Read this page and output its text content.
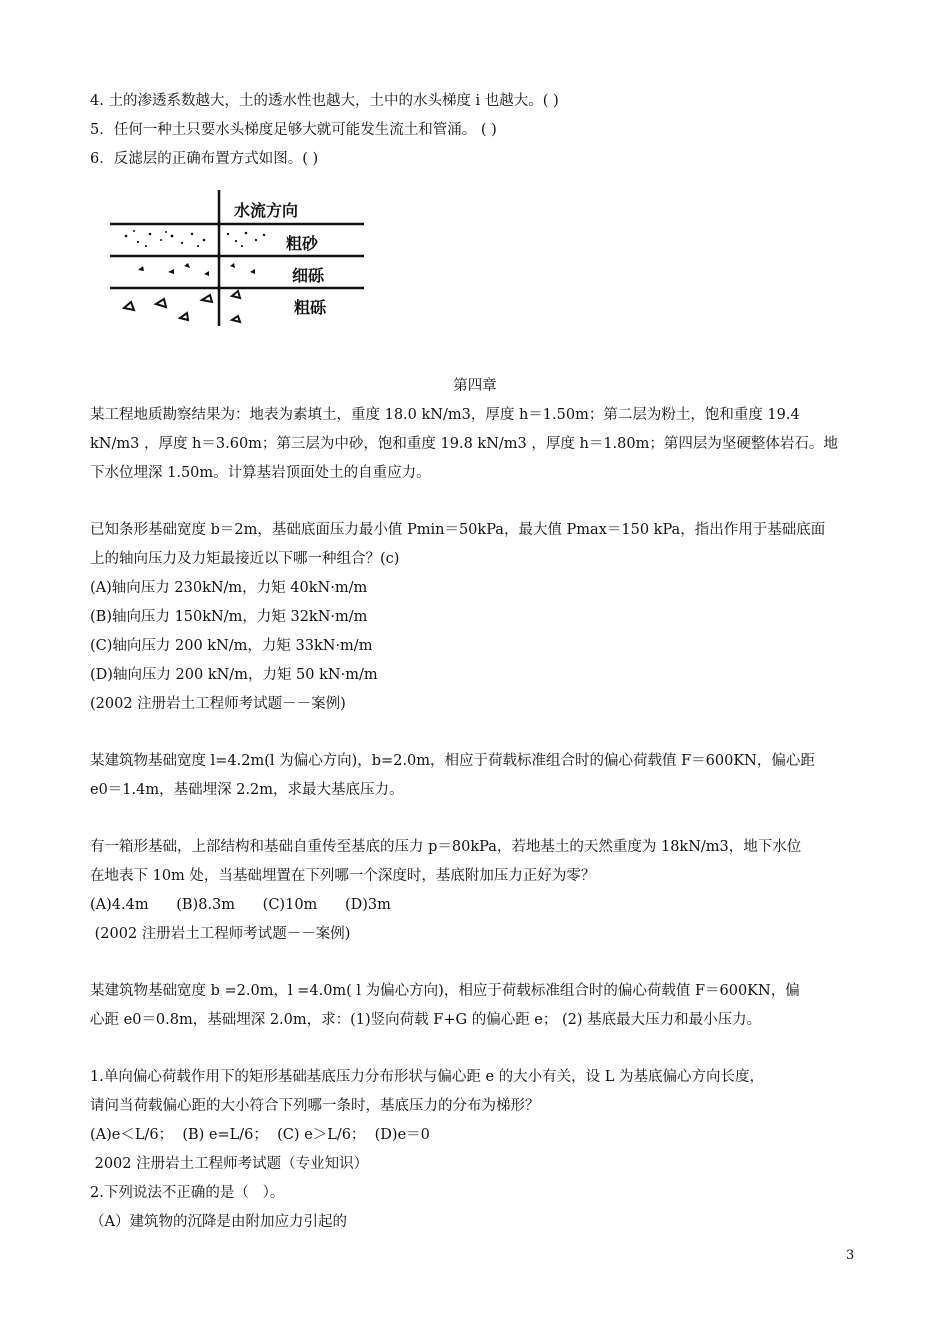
4. 土的渗透系数越大，土的透水性也越大，土中的水头梯度 i 也越大。( )
5．任何一种土只要水头梯度足够大就可能发生流土和管涌。 ( )
6．反滤层的正确布置方式如图。( )
水流方向
粗砂
细砾
粗砾
第四章
某工程地质勘察结果为：地表为素填土，重度 18.0 kN/m3，厚度 h＝1.50m；第二层为粉土，饱和重度 19.4
kN/m3 ，厚度 h＝3.60m；第三层为中砂，饱和重度 19.8 kN/m3 ，厚度 h＝1.80m；第四层为坚硬整体岩石。地
下水位埋深 1.50m。计算基岩顶面处土的自重应力。
已知条形基础宽度 b＝2m，基础底面压力最小值 Pmin＝50kPa，最大值 Pmax＝150 kPa，指出作用于基础底面
上的轴向压力及力矩最接近以下哪一种组合？(c)
(A)轴向压力 230kN/m，力矩 40kN·m/m
(B)轴向压力 150kN/m，力矩 32kN·m/m
(C)轴向压力 200 kN/m，力矩 33kN·m/m
(D)轴向压力 200 kN/m，力矩 50 kN·m/m
(2002 注册岩土工程师考试题－－案例)
某建筑物基础宽度 l=4.2m(l 为偏心方向)，b=2.0m，相应于荷载标准组合时的偏心荷载值 F＝600KN，偏心距
e0＝1.4m，基础埋深 2.2m，求最大基底压力。
有一箱形基础，上部结构和基础自重传至基底的压力 p＝80kPa，若地基土的天然重度为 18kN/m3，地下水位
在地表下 10m 处，当基础埋置在下列哪一个深度时，基底附加压力正好为零？
(A)4.4m      (B)8.3m      (C)10m      (D)3m
(2002 注册岩土工程师考试题－－案例)
某建筑物基础宽度 b =2.0m，l =4.0m( l 为偏心方向)，相应于荷载标准组合时的偏心荷载值 F＝600KN，偏
心距 e0＝0.8m，基础埋深 2.0m，求：(1)竖向荷载 F+G 的偏心距 e； (2) 基底最大压力和最小压力。
1.单向偏心荷载作用下的矩形基础基底压力分布形状与偏心距 e 的大小有关，设 L 为基底偏心方向长度，
请问当荷载偏心距的大小符合下列哪一条时，基底压力的分布为梯形？
(A)e＜L/6；  (B) e=L/6；  (C) e＞L/6；  (D)e＝0
2002 注册岩土工程师考试题（专业知识）
2.下列说法不正确的是（   ）。
（A）建筑物的沉降是由附加应力引起的
3
